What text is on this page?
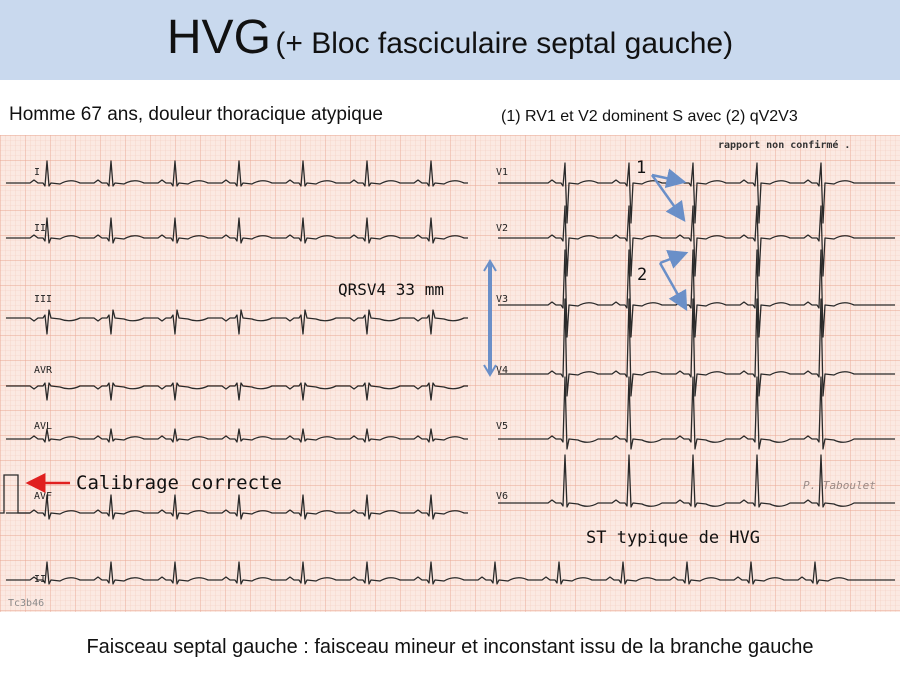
HVG (+ Bloc fasciculaire septal gauche)
Homme 67 ans, douleur thoracique atypique	(1) RV1 et V2 dominent S avec (2) qV2V3
rapport non confirmé .
I
II
III
AVR
AVL
AVF
II
V1
V2
V3
V4
V5
V6
Tc3b46
P. Taboulet
QRSV4 33 mm
1
2
Calibrage correcte
ST typique de HVG
Faisceau septal gauche : faisceau mineur et inconstant issu de la branche gauche
